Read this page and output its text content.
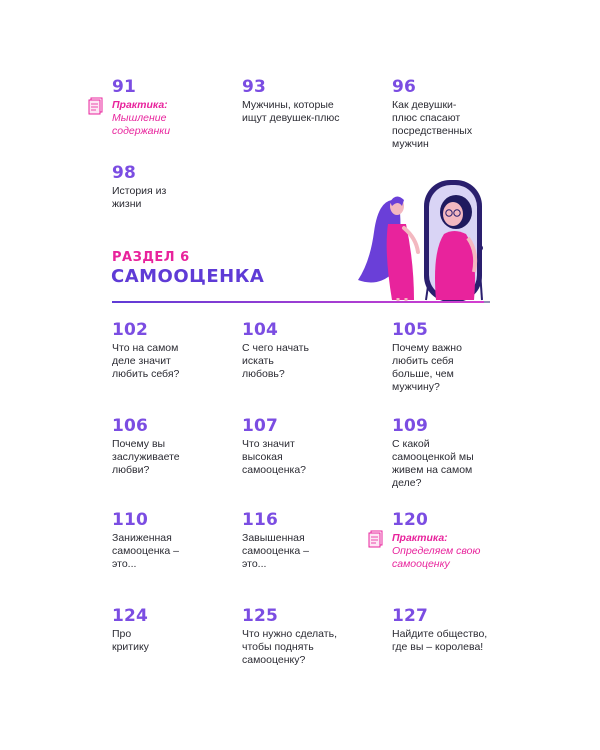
91
Практика:
Мышление
содержанки
93
Мужчины, которые
ищут девушек-плюс
96
Как девушки-
плюс спасают
посредственных
мужчин
98
История из
жизни
РАЗДЕЛ 6
САМООЦЕНКА
102
Что на самом
деле значит
любить себя?
104
С чего начать
искать
любовь?
105
Почему важно
любить себя
больше, чем
мужчину?
106
Почему вы
заслуживаете
любви?
107
Что значит
высокая
самооценка?
109
С какой
самооценкой мы
живем на самом
деле?
110
Заниженная
самооценка –
это...
116
Завышенная
самооценка –
это...
120
Практика:
Определяем свою
самооценку
124
Про
критику
125
Что нужно сделать,
чтобы поднять
самооценку?
127
Найдите общество,
где вы – королева!
